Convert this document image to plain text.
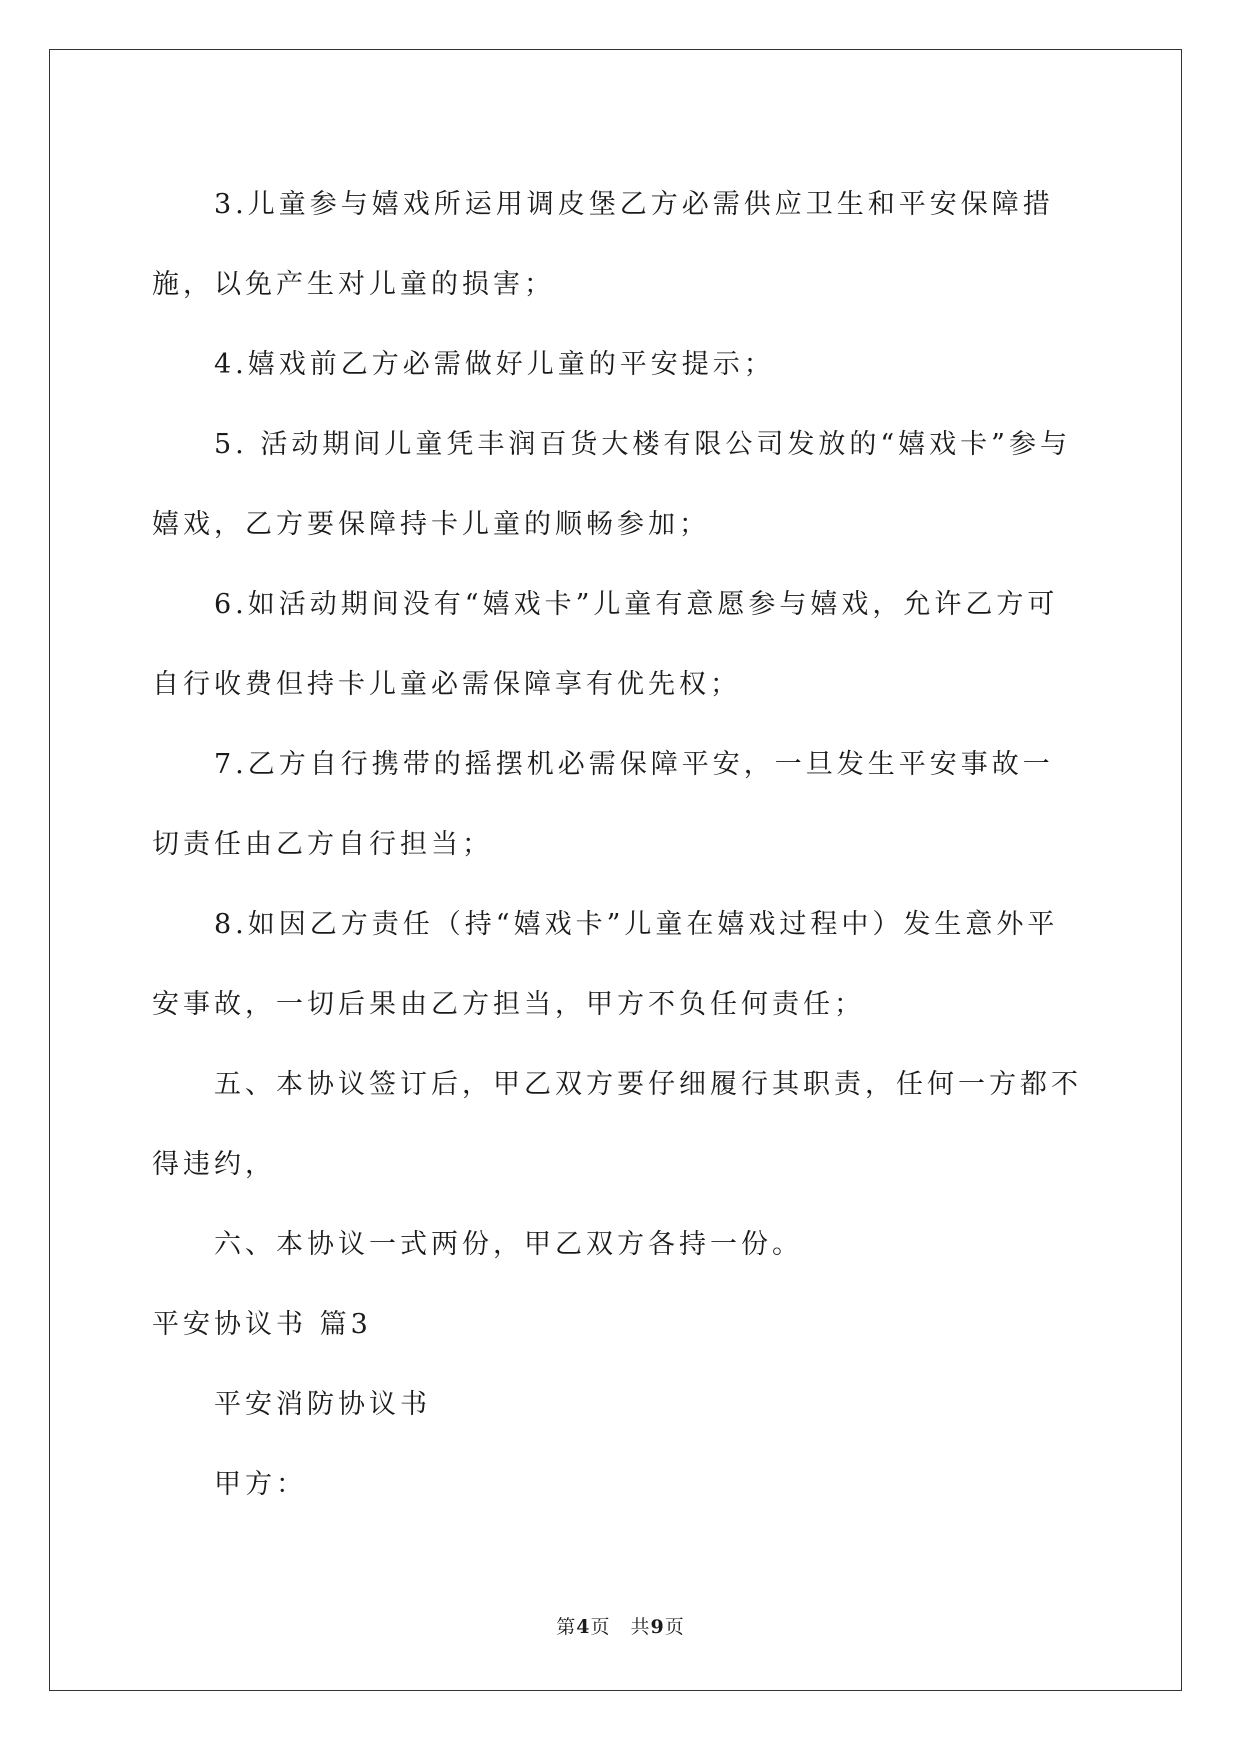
3.儿童参与嬉戏所运用调皮堡乙方必需供应卫生和平安保障措施，以免产生对儿童的损害；

4.嬉戏前乙方必需做好儿童的平安提示；

5. 活动期间儿童凭丰润百货大楼有限公司发放的“嬉戏卡”参与嬉戏，乙方要保障持卡儿童的顺畅参加；

6.如活动期间没有“嬉戏卡”儿童有意愿参与嬉戏，允许乙方可自行收费但持卡儿童必需保障享有优先权；

7.乙方自行携带的摇摆机必需保障平安，一旦发生平安事故一切责任由乙方自行担当；

8.如因乙方责任（持“嬉戏卡”儿童在嬉戏过程中）发生意外平安事故，一切后果由乙方担当，甲方不负任何责任；

五、本协议签订后，甲乙双方要仔细履行其职责，任何一方都不得违约，

六、本协议一式两份，甲乙双方各持一份。

平安协议书 篇3

平安消防协议书

甲方：

第4页　共9页
